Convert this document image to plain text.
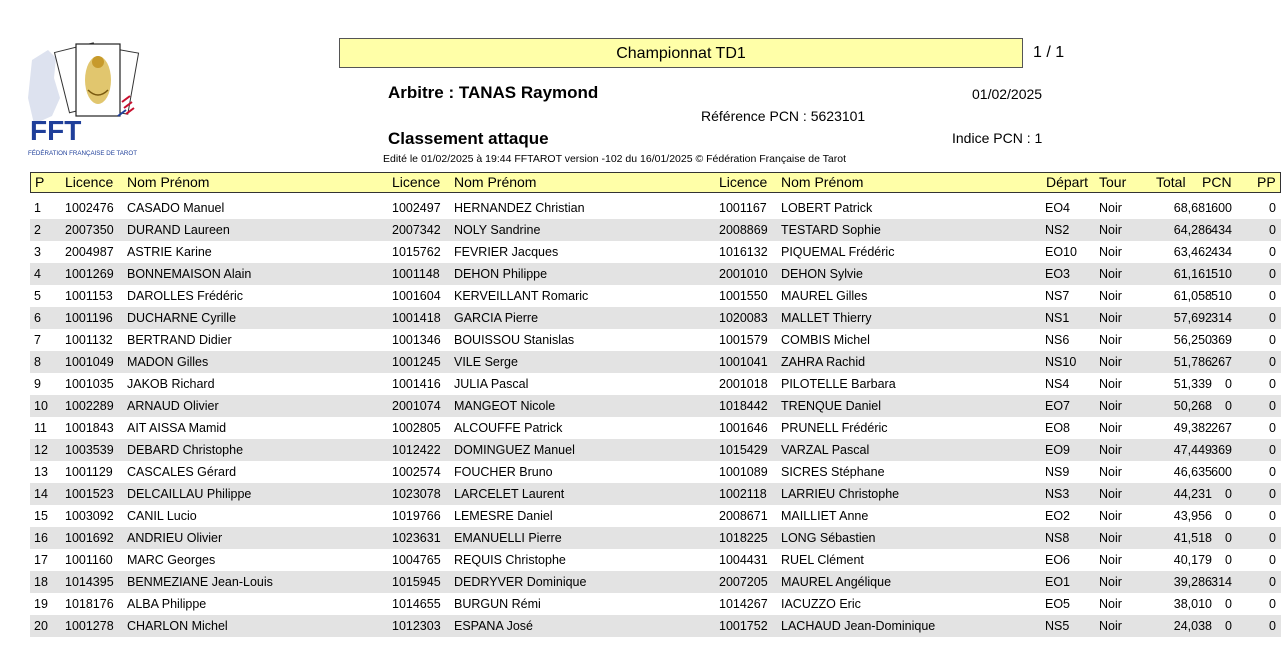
FFT
FÉDÉRATION FRANÇAISE DE TAROT
Championnat TD1	1 / 1
Arbitre : TANAS Raymond	01/02/2025
Référence PCN : 5623101
Classement attaque	Indice PCN : 1
Edité le 01/02/2025 à 19:44 FFTAROT version -102 du 16/01/2025 © Fédération Française de Tarot
P Licence Nom Prénom	Licence Nom Prénom	Licence Nom Prénom	Départ Tour Total PCN PP
1 1002476 CASADO Manuel	1002497 HERNANDEZ Christian	1001167 LOBERT Patrick	EO4 Noir	68,681 600	0
2 2007350 DURAND Laureen	2007342 NOLY Sandrine	2008869 TESTARD Sophie	NS2 Noir	64,286 434	0
3 2004987 ASTRIE Karine	1015762 FEVRIER Jacques	1016132 PIQUEMAL Frédéric	EO10 Noir	63,462 434	0
4 1001269 BONNEMAISON Alain	1001148 DEHON Philippe	2001010 DEHON Sylvie	EO3 Noir	61,161 510	0
5 1001153 DAROLLES Frédéric	1001604 KERVEILLANT Romaric	1001550 MAUREL Gilles	NS7 Noir	61,058 510	0
6 1001196 DUCHARNE Cyrille	1001418 GARCIA Pierre	1020083 MALLET Thierry	NS1 Noir	57,692 314	0
7 1001132 BERTRAND Didier	1001346 BOUISSOU Stanislas	1001579 COMBIS Michel	NS6 Noir	56,250 369	0
8 1001049 MADON Gilles	1001245 VILE Serge	1001041 ZAHRA Rachid	NS10 Noir	51,786 267	0
9 1001035 JAKOB Richard	1001416 JULIA Pascal	2001018 PILOTELLE Barbara	NS4 Noir	51,339	0	0
10 1002289 ARNAUD Olivier	2001074 MANGEOT Nicole	1018442 TRENQUE Daniel	EO7 Noir	50,268	0	0
11 1001843 AIT AISSA Mamid	1002805 ALCOUFFE Patrick	1001646 PRUNELL Frédéric	EO8 Noir	49,382 267	0
12 1003539 DEBARD Christophe	1012422 DOMINGUEZ Manuel	1015429 VARZAL Pascal	EO9 Noir	47,449 369	0
13 1001129 CASCALES Gérard	1002574 FOUCHER Bruno	1001089 SICRES Stéphane	NS9 Noir	46,635 600	0
14 1001523 DELCAILLAU Philippe	1023078 LARCELET Laurent	1002118 LARRIEU Christophe	NS3 Noir	44,231	0	0
15 1003092 CANIL Lucio	1019766 LEMESRE Daniel	2008671 MAILLIET Anne	EO2 Noir	43,956	0	0
16 1001692 ANDRIEU Olivier	1023631 EMANUELLI Pierre	1018225 LONG Sébastien	NS8 Noir	41,518	0	0
17 1001160 MARC Georges	1004765 REQUIS Christophe	1004431 RUEL Clément	EO6 Noir	40,179	0	0
18 1014395 BENMEZIANE Jean-Louis	1015945 DEDRYVER Dominique	2007205 MAUREL Angélique	EO1 Noir	39,286 314	0
19 1018176 ALBA Philippe	1014655 BURGUN Rémi	1014267 IACUZZO Eric	EO5 Noir	38,010	0	0
20 1001278 CHARLON Michel	1012303 ESPANA José	1001752 LACHAUD Jean-Dominique	NS5 Noir	24,038	0	0
